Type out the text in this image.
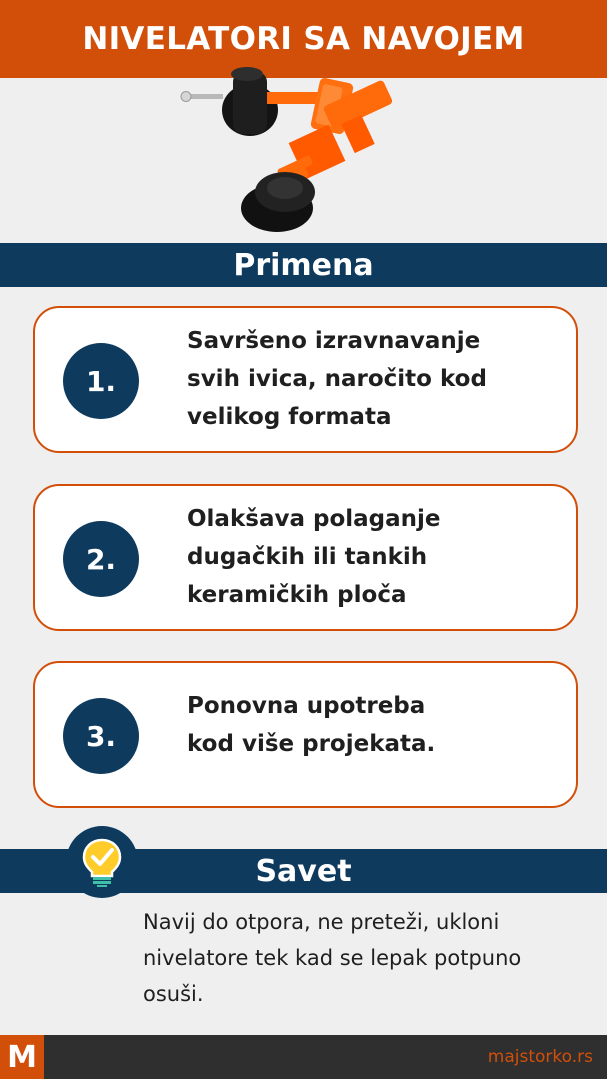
NIVELATORI SA NAVOJEM
Primena
1.
Savršeno izravnavanje
svih ivica, naročito kod
velikog formata
2.
Olakšava polaganje
dugačkih ili tankih
keramičkih ploča
3.
Ponovna upotreba
kod više projekata.
Savet

Navij do otpora, ne preteži, ukloni nivelatore tek kad se lepak potpuno osuši.

M	majstorko.rs
